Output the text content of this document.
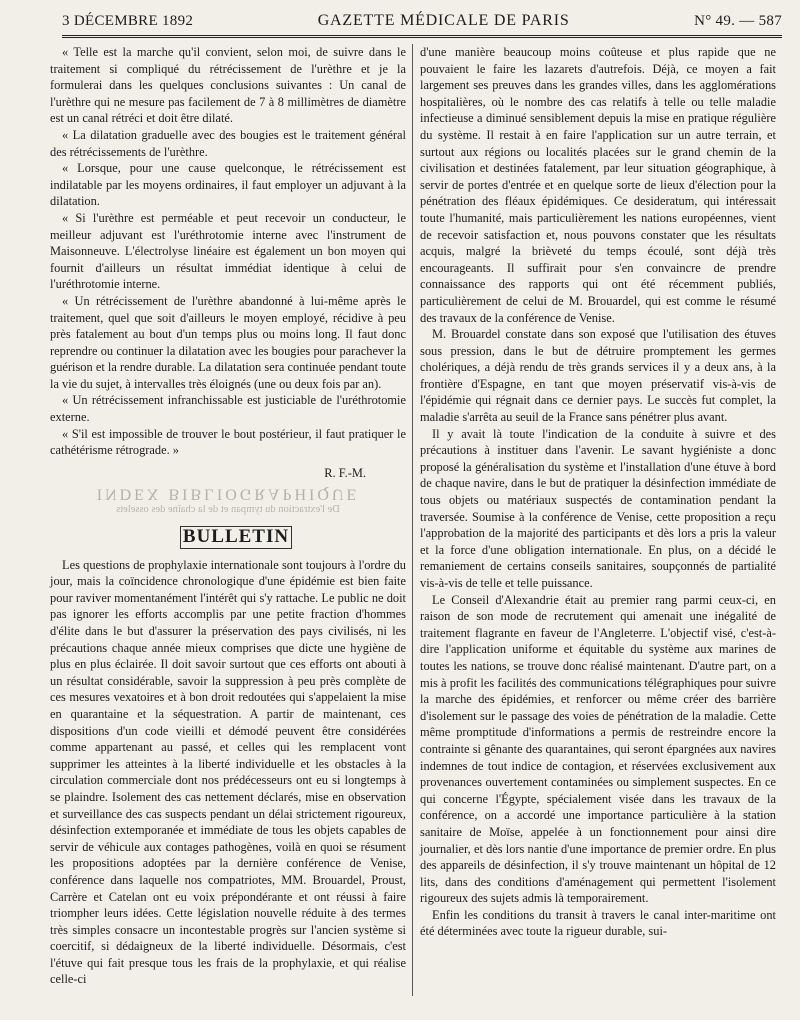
3 DÉCEMBRE 1892	GAZETTE MÉDICALE DE PARIS	N° 49. — 587

« Telle est la marche qu'il convient, selon moi, de suivre dans le traitement si compliqué du rétrécissement de l'urèthre et je la formulerai dans les quelques conclusions suivantes : Un canal de l'urèthre qui ne mesure pas facilement de 7 à 8 millimètres de diamètre est un canal rétréci et doit être dilaté.

« La dilatation graduelle avec des bougies est le traitement général des rétrécissements de l'urèthre.

« Lorsque, pour une cause quelconque, le rétrécissement est indilatable par les moyens ordinaires, il faut employer un adjuvant à la dilatation.

« Si l'urèthre est perméable et peut recevoir un conducteur, le meilleur adjuvant est l'uréthrotomie interne avec l'instrument de Maisonneuve. L'électrolyse linéaire est également un bon moyen qui fournit d'ailleurs un résultat immédiat identique à celui de l'uréthrotomie interne.

« Un rétrécissement de l'urèthre abandonné à lui-même après le traitement, quel que soit d'ailleurs le moyen employé, récidive à peu près fatalement au bout d'un temps plus ou moins long. Il faut donc reprendre ou continuer la dilatation avec les bougies pour parachever la guérison et la rendre durable. La dilatation sera continuée pendant toute la vie du sujet, à intervalles très éloignés (une ou deux fois par an).

« Un rétrécissement infranchissable est justiciable de l'uréthrotomie externe.

« S'il est impossible de trouver le bout postérieur, il faut pratiquer le cathétérisme rétrograde. »

R. F.-M.

INDEX BIBLIOGRAPHIQUE
De l'extraction du tympan et de la chaîne des osselets
BULLETIN

Les questions de prophylaxie internationale sont toujours à l'ordre du jour, mais la coïncidence chronologique d'une épidémie est bien faite pour raviver momentanément l'intérêt qui s'y rattache. Le public ne doit pas ignorer les efforts accomplis par une petite fraction d'hommes d'élite dans le but d'assurer la préservation des pays civilisés, ni les précautions chaque année mieux comprises que dicte une hygiène de plus en plus éclairée. Il doit savoir surtout que ces efforts ont abouti à un résultat considérable, savoir la suppression à peu près complète de ces mesures vexatoires et à bon droit redoutées qui s'appelaient la mise en quarantaine et la séquestration. A partir de maintenant, ces dispositions d'un code vieilli et démodé peuvent être considérées comme appartenant au passé, et celles qui les remplacent vont supprimer les atteintes à la liberté individuelle et les obstacles à la circulation commerciale dont nos prédécesseurs ont eu si longtemps à se plaindre. Isolement des cas nettement déclarés, mise en observation et surveillance des cas suspects pendant un délai strictement rigoureux, désinfection extemporanée et immédiate de tous les objets capables de servir de véhicule aux contages pathogènes, voilà en quoi se résument les propositions adoptées par la dernière conférence de Venise, conférence dans laquelle nos compatriotes, MM. Brouardel, Proust, Carrère et Catelan ont eu voix prépondérante et ont réussi à faire triompher leurs idées. Cette législation nouvelle réduite à des termes très simples consacre un incontestable progrès sur l'ancien système si coercitif, si dédaigneux de la liberté individuelle. Désormais, c'est l'étuve qui fait presque tous les frais de la prophylaxie, et qui réalise celle-ci

d'une manière beaucoup moins coûteuse et plus rapide que ne pouvaient le faire les lazarets d'autrefois. Déjà, ce moyen a fait largement ses preuves dans les grandes villes, dans les agglomérations hospitalières, où le nombre des cas relatifs à telle ou telle maladie infectieuse a diminué sensiblement depuis la mise en pratique régulière du système. Il restait à en faire l'application sur un autre terrain, et surtout aux régions ou localités placées sur le grand chemin de la civilisation et destinées fatalement, par leur situation géographique, à servir de portes d'entrée et en quelque sorte de lieux d'élection pour la pénétration des fléaux épidémiques. Ce desideratum, qui intéressait toute l'humanité, mais particulièrement les nations européennes, vient de recevoir satisfaction et, nous pouvons constater que les résultats acquis, malgré la brièveté du temps écoulé, sont déjà très encourageants. Il suffirait pour s'en convaincre de prendre connaissance des rapports qui ont été récemment publiés, particulièrement de celui de M. Brouardel, qui est comme le résumé des travaux de la conférence de Venise.

M. Brouardel constate dans son exposé que l'utilisation des étuves sous pression, dans le but de détruire promptement les germes cholériques, a déjà rendu de très grands services il y a deux ans, à la frontière d'Espagne, en tant que moyen préservatif vis-à-vis de l'épidémie qui régnait dans ce dernier pays. Le succès fut complet, la maladie s'arrêta au seuil de la France sans pénétrer plus avant.

Il y avait là toute l'indication de la conduite à suivre et des précautions à instituer dans l'avenir. Le savant hygiéniste a donc proposé la généralisation du système et l'installation d'une étuve à bord de chaque navire, dans le but de pratiquer la désinfection immédiate de tous objets ou matériaux suspectés de contamination pendant la traversée. Soumise à la conférence de Venise, cette proposition a reçu l'approbation de la majorité des participants et dès lors a pris la valeur et la force d'une obligation internationale. En plus, on a décidé le remaniement de certains conseils sanitaires, soupçonnés de partialité vis-à-vis de telle et telle puissance.

Le Conseil d'Alexandrie était au premier rang parmi ceux-ci, en raison de son mode de recrutement qui amenait une inégalité de traitement flagrante en faveur de l'Angleterre. L'objectif visé, c'est-à-dire l'application uniforme et équitable du système aux marines de toutes les nations, se trouve donc réalisé maintenant. D'autre part, on a mis à profit les facilités des communications télégraphiques pour suivre la marche des épidémies, et renforcer ou même créer des barrière d'isolement sur le passage des voies de pénétration de la maladie. Cette même promptitude d'informations a permis de restreindre encore la contrainte si gênante des quarantaines, qui seront épargnées aux navires indemnes de tout indice de contagion, et réservées exclusivement aux provenances ouvertement contaminées ou simplement suspectes. En ce qui concerne l'Égypte, spécialement visée dans les travaux de la conférence, on a accordé une importance particulière à la station sanitaire de Moïse, appelée à un fonctionnement pour ainsi dire journalier, et dès lors nantie d'une importance de premier ordre. En plus des appareils de désinfection, il s'y trouve maintenant un hôpital de 12 lits, dans des conditions d'aménagement qui permettent l'isolement rigoureux des sujets admis là temporairement.

Enfin les conditions du transit à travers le canal inter-maritime ont été déterminées avec toute la rigueur durable, sui-
